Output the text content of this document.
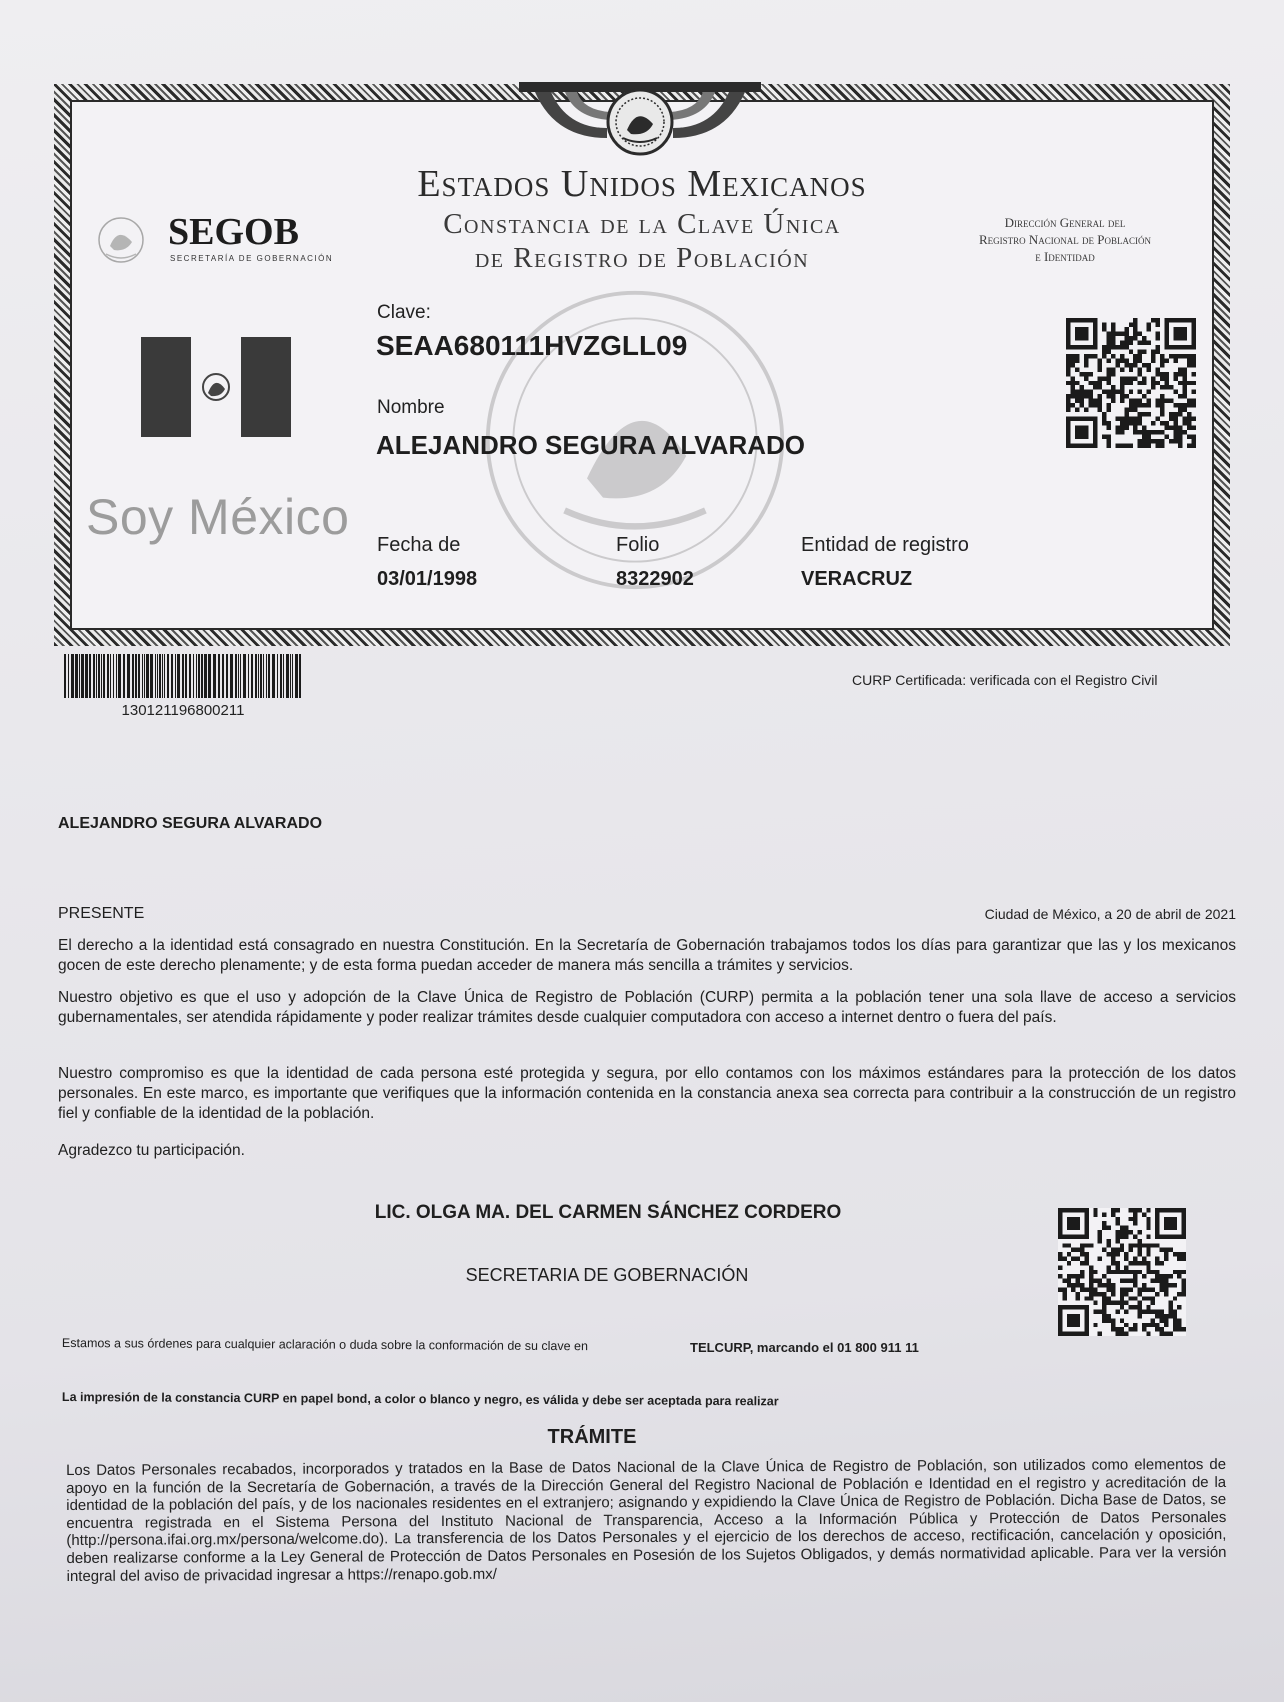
Estados Unidos Mexicanos
Constancia de la Clave Única
de Registro de Población
SEGOB
SECRETARÍA DE GOBERNACIÓN
Dirección General del
Registro Nacional de Población
e Identidad
Soy México
Clave:
SEAA680111HVZGLL09
Nombre
ALEJANDRO SEGURA ALVARADO
Fecha de
03/01/1998
Folio
8322902
Entidad de registro
VERACRUZ
130121196800211
CURP Certificada: verificada con el Registro Civil
ALEJANDRO SEGURA ALVARADO
PRESENTE	Ciudad de México, a 20 de abril de 2021
El derecho a la identidad está consagrado en nuestra Constitución. En la Secretaría de Gobernación trabajamos todos los días para garantizar que las y los mexicanos gocen de este derecho plenamente; y de esta forma puedan acceder de manera más sencilla a trámites y servicios.
Nuestro objetivo es que el uso y adopción de la Clave Única de Registro de Población (CURP) permita a la población tener una sola llave de acceso a servicios gubernamentales, ser atendida rápidamente y poder realizar trámites desde cualquier computadora con acceso a internet dentro o fuera del país.
Nuestro compromiso es que la identidad de cada persona esté protegida y segura, por ello contamos con los máximos estándares para la protección de los datos personales. En este marco, es importante que verifiques que la información contenida en la constancia anexa sea correcta para contribuir a la construcción de un registro fiel y confiable de la identidad de la población.
Agradezco tu participación.
LIC. OLGA MA. DEL CARMEN SÁNCHEZ CORDERO
SECRETARIA DE GOBERNACIÓN
Estamos a sus órdenes para cualquier aclaración o duda sobre la conformación de su clave en	TELCURP, marcando el 01 800 911 11
La impresión de la constancia CURP en papel bond, a color o blanco y negro, es válida y debe ser aceptada para realizar
TRÁMITE
Los Datos Personales recabados, incorporados y tratados en la Base de Datos Nacional de la Clave Única de Registro de Población, son utilizados como elementos de apoyo en la función de la Secretaría de Gobernación, a través de la Dirección General del Registro Nacional de Población e Identidad en el registro y acreditación de la identidad de la población del país, y de los nacionales residentes en el extranjero; asignando y expidiendo la Clave Única de Registro de Población. Dicha Base de Datos, se encuentra registrada en el Sistema Persona del Instituto Nacional de Transparencia, Acceso a la Información Pública y Protección de Datos Personales (http://persona.ifai.org.mx/persona/welcome.do). La transferencia de los Datos Personales y el ejercicio de los derechos de acceso, rectificación, cancelación y oposición, deben realizarse conforme a la Ley General de Protección de Datos Personales en Posesión de los Sujetos Obligados, y demás normatividad aplicable. Para ver la versión integral del aviso de privacidad ingresar a https://renapo.gob.mx/
